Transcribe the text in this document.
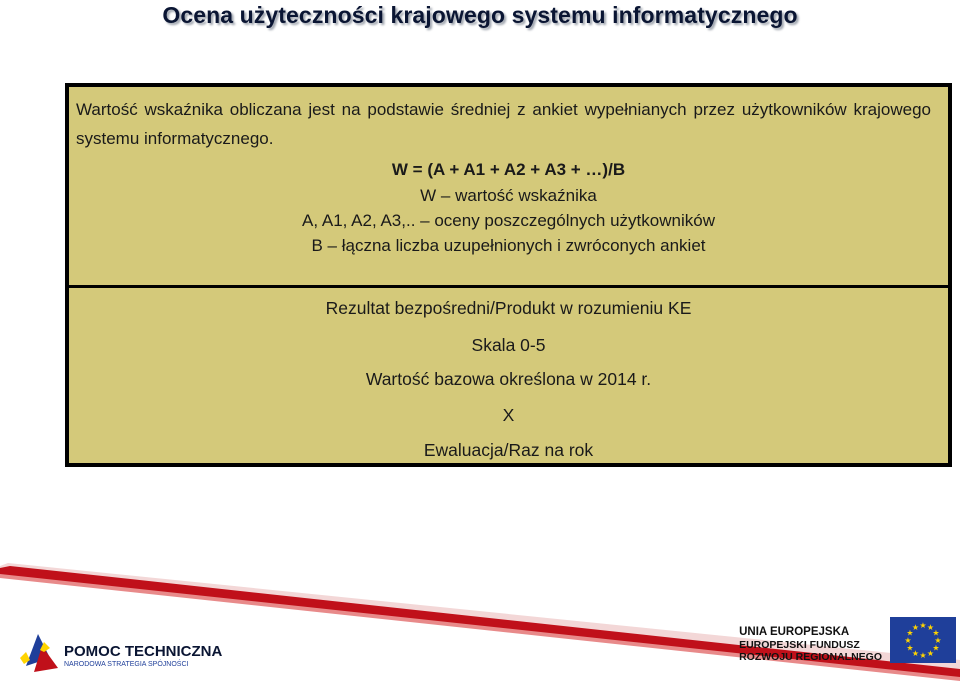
Ocena użyteczności krajowego systemu informatycznego
Wartość wskaźnika obliczana jest na podstawie średniej z ankiet wypełnianych przez użytkowników krajowego systemu informatycznego.
W = (A + A1 + A2 + A3 + …)/B
W – wartość wskaźnika
A, A1, A2, A3,.. – oceny poszczególnych użytkowników
B – łączna liczba uzupełnionych i zwróconych ankiet
Rezultat bezpośredni/Produkt w rozumieniu KE
Skala 0-5
Wartość bazowa określona w 2014 r.
X
Ewaluacja/Raz na rok
POMOC TECHNICZNA
NARODOWA STRATEGIA SPÓJNOŚCI
UNIA EUROPEJSKA
EUROPEJSKI FUNDUSZ
ROZWOJU REGIONALNEGO
★ ★
★
★
★
★
★
★
★
★
★
★
